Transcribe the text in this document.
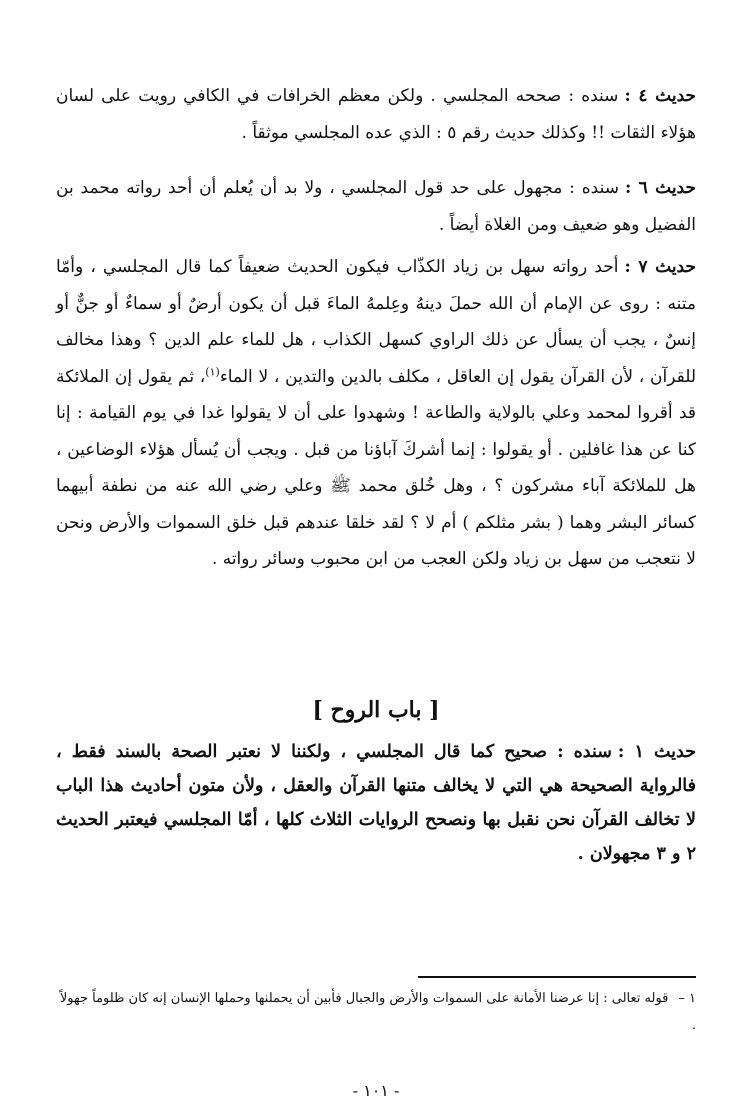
حديث ٤ :سنده : صححه المجلسي . ولكن معظم الخرافات في الكافي رويت على لسان هؤلاء الثقات !! وكذلك حديث رقم ٥ : الذي عده المجلسي موثقاً .

حديث ٦ :سنده : مجهول على حد قول المجلسي ، ولا بد أن يُعلم أن أحد رواته محمد بن الفضيل وهو ضعيف ومن الغلاة أيضاً .

حديث ٧ :أحد رواته سهل بن زياد الكذّاب فيكون الحديث ضعيفاً كما قال المجلسي ، وأمّا متنه : روى عن الإمام أن الله حملَ دينهُ وعِلمهُ الماءَ قبل أن يكون أرضٌ أو سماءٌ أو جنٌّ أو إنسٌ ، يجب أن يسأل عن ذلك الراوي كسهل الكذاب ، هل للماء علم الدين ؟ وهذا مخالف للقرآن ، لأن القرآن يقول إن العاقل ، مكلف بالدين والتدين ، لا الماء$^{(١)}$، ثم يقول إن الملائكة قد أقروا لمحمد وعلي بالولاية والطاعة ! وشهدوا على أن لا يقولوا غدا في يوم القيامة : إنا كنا عن هذا غافلين . أو يقولوا : إنما أشركَ آباؤنا من قبل . ويجب أن يُسأل هؤلاء الوضاعين ، هل للملائكة آباء مشركون ؟ ، وهل خُلق محمد ﷺ وعلي رضي الله عنه من نطفة أبيهما كسائر البشر وهما ( بشر مثلكم ) أم لا ؟ لقد خلقا عندهم قبل خلق السموات والأرض ونحن لا نتعجب من سهل بن زياد ولكن العجب من ابن محبوب وسائر رواته .

[ باب الروح ]

حديث ١ :سنده : صحيح كما قال المجلسي ، ولكننا لا نعتبر الصحة بالسند فقط ، فالرواية الصحيحة هي التي لا يخالف متنها القرآن والعقل ، ولأن متون أحاديث هذا الباب لا تخالف القرآن نحن نقبل بها ونصحح الروايات الثلاث كلها ، أمّا المجلسي فيعتبر الحديث ٢ و ٣ مجهولان .

١ –قوله تعالى : إنا عرضنا الأمانة على السموات والأرض والجبال فأبين أن يحملنها وحملها الإنسان إنه كان ظلوماً جهولاً .
- ١٠١ -
